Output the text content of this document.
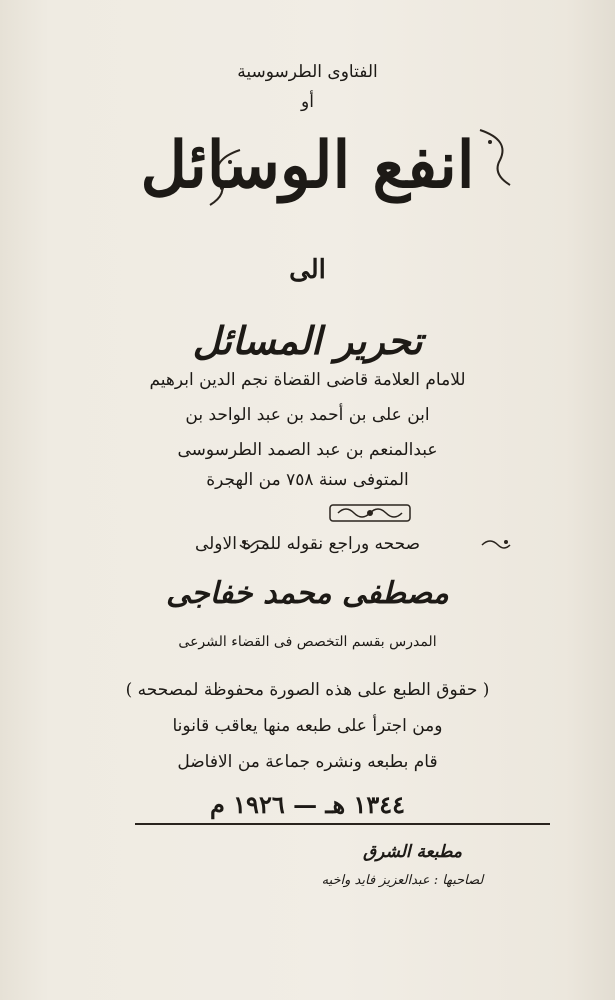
الفتاوى الطرسوسية
أو
انفع الوسائل
الى
تحرير المسائل
للامام العلامة قاضى القضاة نجم الدين ابرهيم
ابن على بن أحمد بن عبد الواحد بن
عبدالمنعم بن عبد الصمد الطرسوسى
المتوفى سنة ٧٥٨ من الهجرة
صححه وراجع نقوله للمرة الاولى
مصطفى محمد خفاجى
المدرس بقسم التخصص فى القضاء الشرعى
( حقوق الطبع على هذه الصورة محفوظة لمصححه )
ومن اجترأ على طبعه منها يعاقب قانونا
قام بطبعه ونشره جماعة من الافاضل
١٣٤٤ هـ — ١٩٢٦ م
مطبعة الشرق
لصاحبها : عبدالعزيز فايد واخيه
